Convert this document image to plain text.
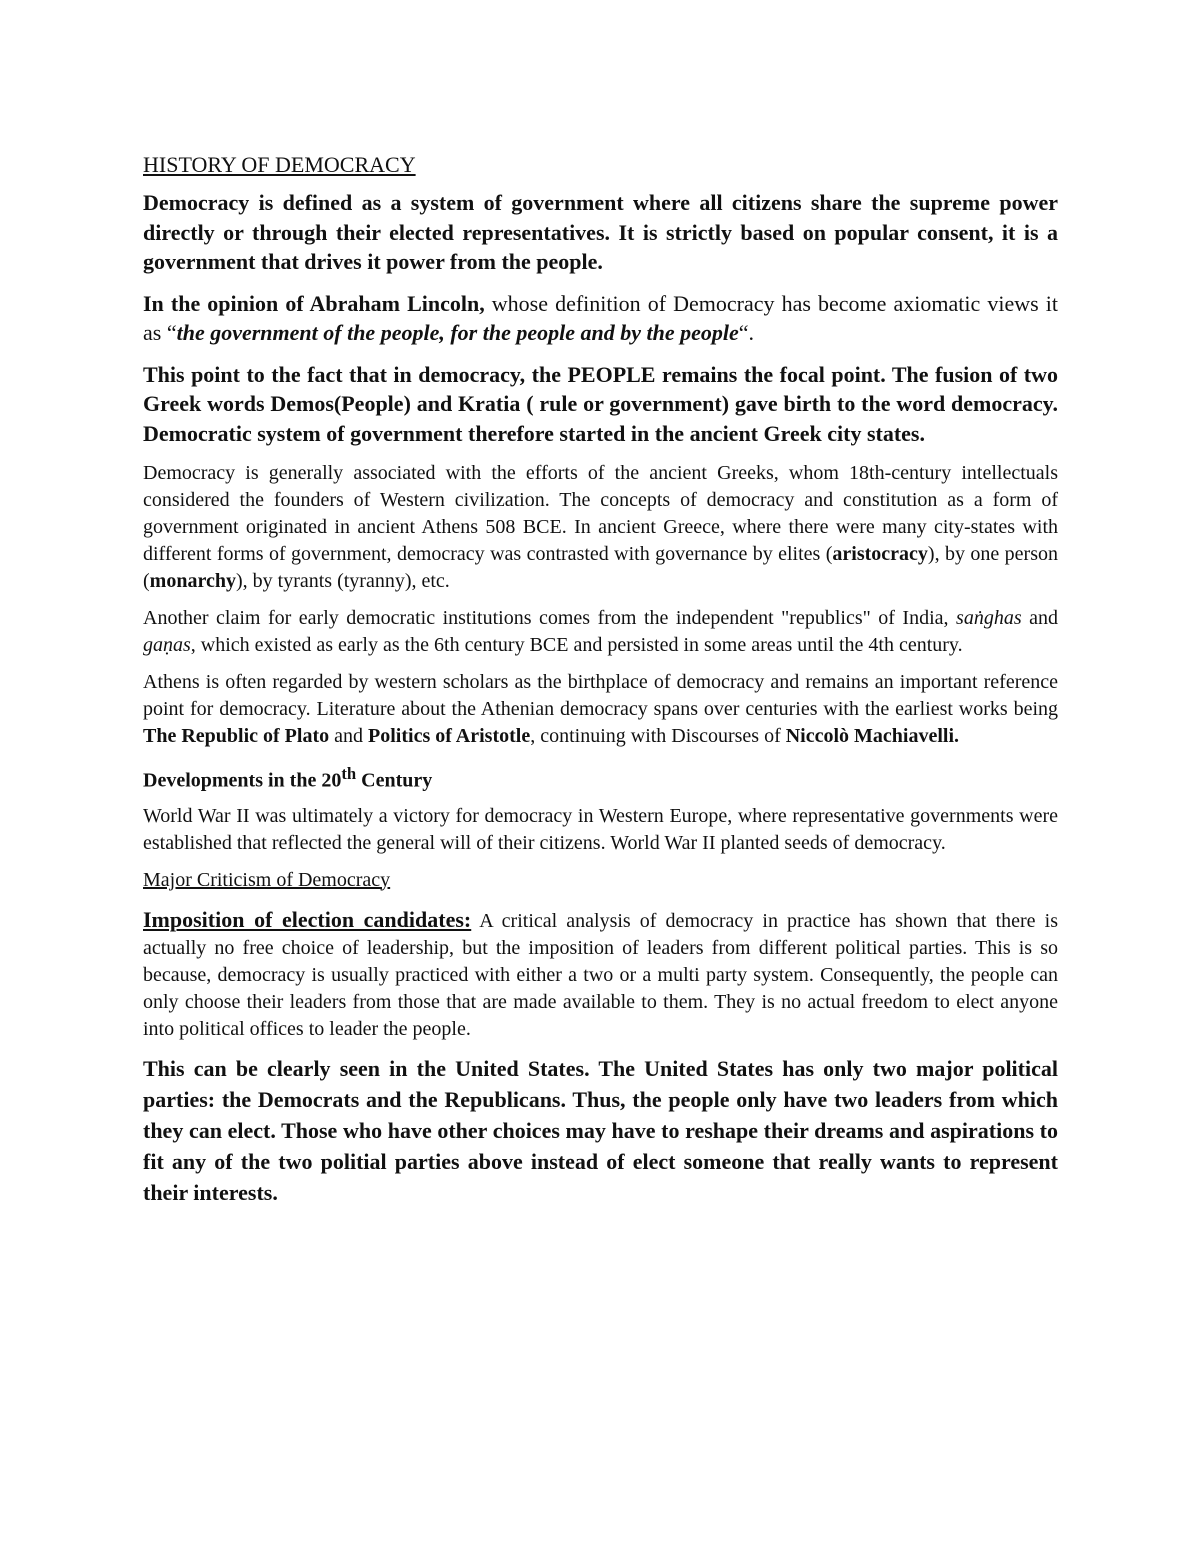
HISTORY OF DEMOCRACY

Democracy is defined as a system of government where all citizens share the supreme power directly or through their elected representatives. It is strictly based on popular consent, it is a government that drives it power from the people.

In the opinion of Abraham Lincoln, whose definition of Democracy has become axiomatic views it as “the government of the people, for the people and by the people“.

This point to the fact that in democracy, the PEOPLE remains the focal point. The fusion of two Greek words Demos(People) and Kratia ( rule or government) gave birth to the word democracy. Democratic system of government therefore started in the ancient Greek city states.

Democracy is generally associated with the efforts of the ancient Greeks, whom 18th-century intellectuals considered the founders of Western civilization. The concepts of democracy and constitution as a form of government originated in ancient Athens 508 BCE. In ancient Greece, where there were many city-states with different forms of government, democracy was contrasted with governance by elites (aristocracy), by one person (monarchy), by tyrants (tyranny), etc.

Another claim for early democratic institutions comes from the independent "republics" of India, saṅghas and gaṇas, which existed as early as the 6th century BCE and persisted in some areas until the 4th century.

Athens is often regarded by western scholars as the birthplace of democracy and remains an important reference point for democracy. Literature about the Athenian democracy spans over centuries with the earliest works being The Republic of Plato and Politics of Aristotle, continuing with Discourses of Niccolò Machiavelli.

Developments in the 20th Century

World War II was ultimately a victory for democracy in Western Europe, where representative governments were established that reflected the general will of their citizens. World War II planted seeds of democracy.

Major Criticism of Democracy

Imposition of election candidates: A critical analysis of democracy in practice has shown that there is actually no free choice of leadership, but the imposition of leaders from different political parties. This is so because, democracy is usually practiced with either a two or a multi party system. Consequently, the people can only choose their leaders from those that are made available to them. They is no actual freedom to elect anyone into political offices to leader the people.

This can be clearly seen in the United States. The United States has only two major political parties: the Democrats and the Republicans. Thus, the people only have two leaders from which they can elect. Those who have other choices may have to reshape their dreams and aspirations to fit any of the two politial parties above instead of elect someone that really wants to represent their interests.
